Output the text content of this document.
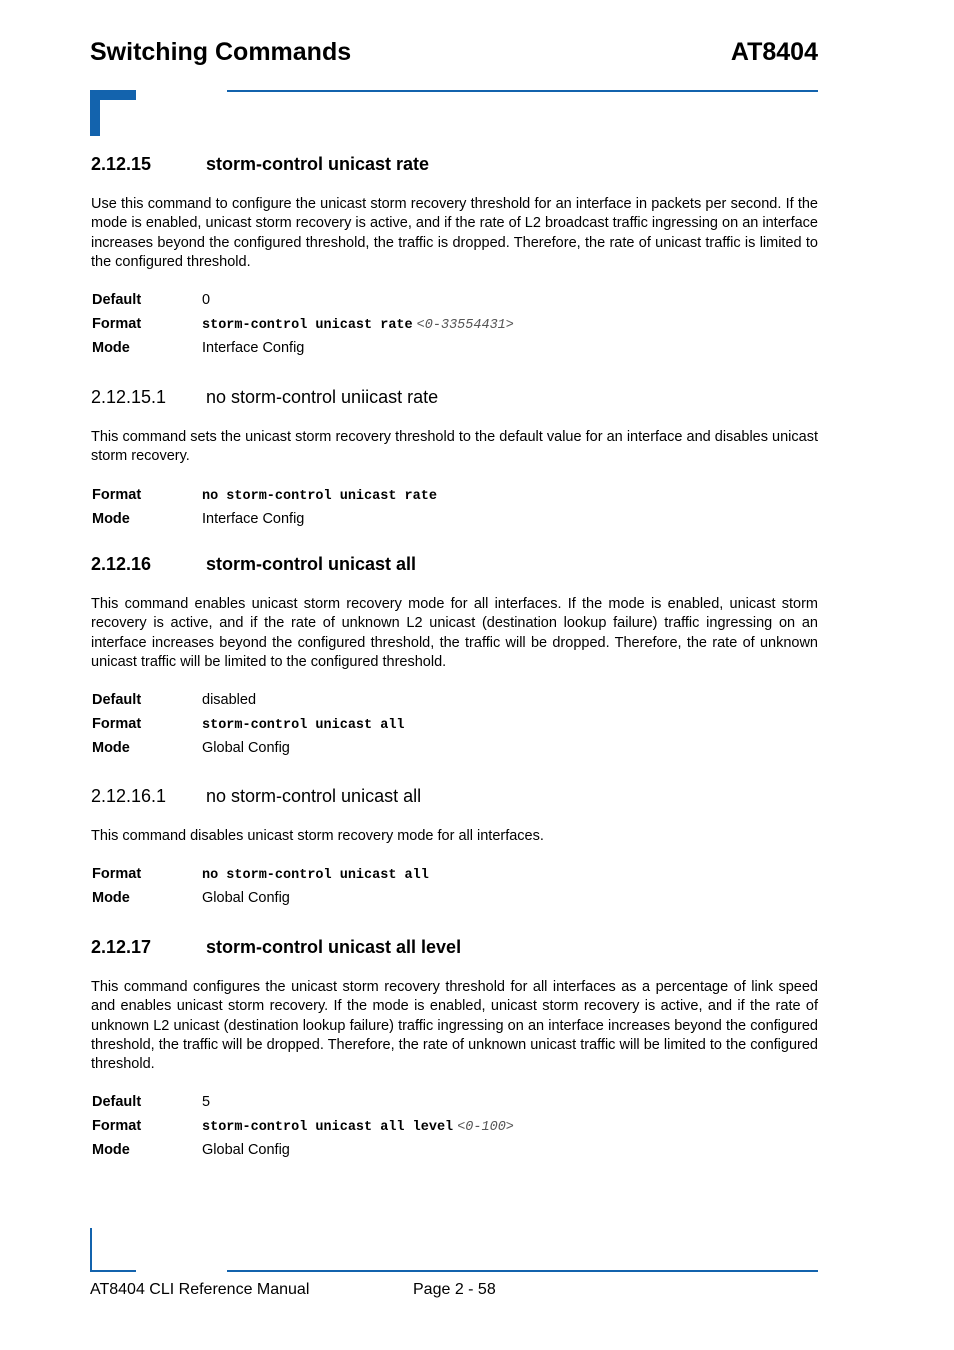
Switching Commands	AT8404
2.12.15	storm-control unicast rate

Use this command to configure the unicast storm recovery threshold for an interface in packets per second. If the mode is enabled, unicast storm recovery is active, and if the rate of L2 broadcast traffic ingressing on an interface increases beyond the configured threshold, the traffic is dropped. Therefore, the rate of unicast traffic is limited to the configured threshold.

Default	0
Format	storm-control unicast rate <0-33554431>
Mode	Interface Config
2.12.15.1 no storm-control uniicast rate

This command sets the unicast storm recovery threshold to the default value for an interface and disables unicast storm recovery.

Format	no storm-control unicast rate
Mode	Interface Config
2.12.16	storm-control unicast all

This command enables unicast storm recovery mode for all interfaces. If the mode is enabled, unicast storm recovery is active, and if the rate of unknown L2 unicast (destination lookup failure) traffic ingressing on an interface increases beyond the configured threshold, the traffic will be dropped. Therefore, the rate of unknown unicast traffic will be limited to the configured threshold.

Default	disabled
Format	storm-control unicast all
Mode	Global Config
2.12.16.1 no storm-control unicast all

This command disables unicast storm recovery mode for all interfaces.

Format	no storm-control unicast all
Mode	Global Config
2.12.17	storm-control unicast all level

This command configures the unicast storm recovery threshold for all interfaces as a percentage of link speed and enables unicast storm recovery. If the mode is enabled, unicast storm recovery is active, and if the rate of unknown L2 unicast (destination lookup failure) traffic ingressing on an interface increases beyond the configured threshold, the traffic will be dropped. Therefore, the rate of unknown unicast traffic will be limited to the configured threshold.

Default	5
Format	storm-control unicast all level <0-100>
Mode	Global Config
AT8404 CLI Reference Manual	Page 2 - 58
